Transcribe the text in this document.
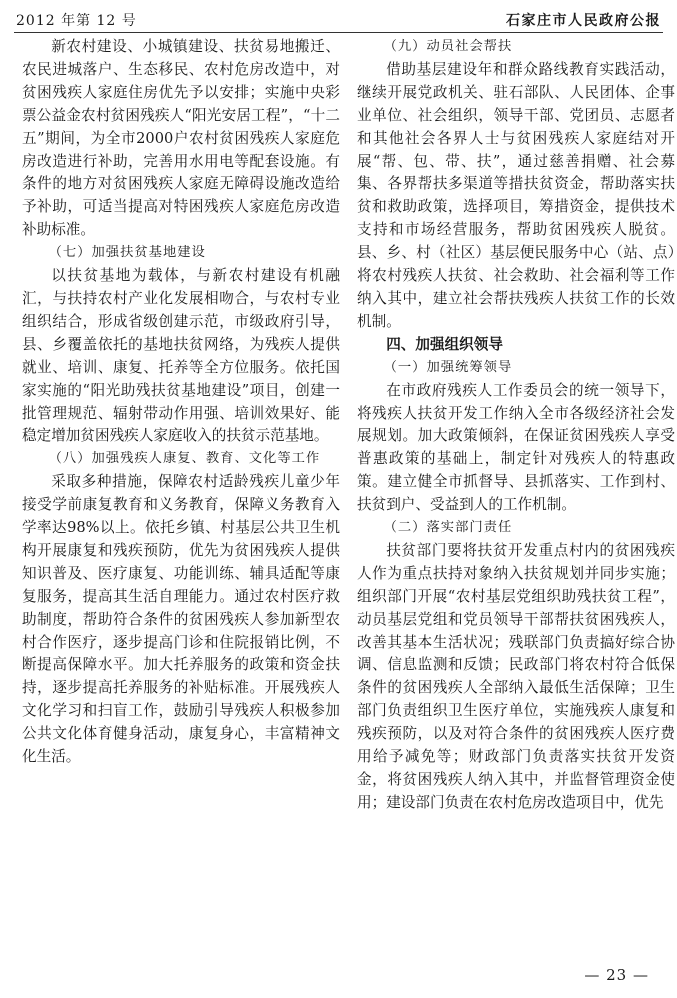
2012 年第 12 号	石家庄市人民政府公报

新农村建设、小城镇建设、扶贫易地搬迁、农民进城落户、生态移民、农村危房改造中，对贫困残疾人家庭住房优先予以安排；实施中央彩票公益金农村贫困残疾人“阳光安居工程”，“十二五”期间，为全市2000户农村贫困残疾人家庭危房改造进行补助，完善用水用电等配套设施。有条件的地方对贫困残疾人家庭无障碍设施改造给予补助，可适当提高对特困残疾人家庭危房改造补助标准。

（七）加强扶贫基地建设

以扶贫基地为载体，与新农村建设有机融汇，与扶持农村产业化发展相吻合，与农村专业组织结合，形成省级创建示范，市级政府引导，县、乡覆盖依托的基地扶贫网络，为残疾人提供就业、培训、康复、托养等全方位服务。依托国家实施的“阳光助残扶贫基地建设”项目，创建一批管理规范、辐射带动作用强、培训效果好、能稳定增加贫困残疾人家庭收入的扶贫示范基地。

（八）加强残疾人康复、教育、文化等工作

采取多种措施，保障农村适龄残疾儿童少年接受学前康复教育和义务教育，保障义务教育入学率达98%以上。依托乡镇、村基层公共卫生机构开展康复和残疾预防，优先为贫困残疾人提供知识普及、医疗康复、功能训练、辅具适配等康复服务，提高其生活自理能力。通过农村医疗救助制度，帮助符合条件的贫困残疾人参加新型农村合作医疗，逐步提高门诊和住院报销比例，不断提高保障水平。加大托养服务的政策和资金扶持，逐步提高托养服务的补贴标准。开展残疾人文化学习和扫盲工作，鼓励引导残疾人积极参加公共文化体育健身活动，康复身心，丰富精神文化生活。

（九）动员社会帮扶

借助基层建设年和群众路线教育实践活动，继续开展党政机关、驻石部队、人民团体、企事业单位、社会组织，领导干部、党团员、志愿者和其他社会各界人士与贫困残疾人家庭结对开展“帮、包、带、扶”，通过慈善捐赠、社会募集、各界帮扶多渠道等措扶贫资金，帮助落实扶贫和救助政策，选择项目，筹措资金，提供技术支持和市场经营服务，帮助贫困残疾人脱贫。县、乡、村（社区）基层便民服务中心（站、点）将农村残疾人扶贫、社会救助、社会福利等工作纳入其中，建立社会帮扶残疾人扶贫工作的长效机制。

四、加强组织领导

（一）加强统筹领导

在市政府残疾人工作委员会的统一领导下，将残疾人扶贫开发工作纳入全市各级经济社会发展规划。加大政策倾斜，在保证贫困残疾人享受普惠政策的基础上，制定针对残疾人的特惠政策。建立健全市抓督导、县抓落实、工作到村、扶贫到户、受益到人的工作机制。

（二）落实部门责任

扶贫部门要将扶贫开发重点村内的贫困残疾人作为重点扶持对象纳入扶贫规划并同步实施；组织部门开展“农村基层党组织助残扶贫工程”，动员基层党组和党员领导干部帮扶贫困残疾人，改善其基本生活状况；残联部门负责搞好综合协调、信息监测和反馈；民政部门将农村符合低保条件的贫困残疾人全部纳入最低生活保障；卫生部门负责组织卫生医疗单位，实施残疾人康复和残疾预防，以及对符合条件的贫困残疾人医疗费用给予减免等；财政部门负责落实扶贫开发资金，将贫困残疾人纳入其中，并监督管理资金使用；建设部门负责在农村危房改造项目中，优先

— 23 —
